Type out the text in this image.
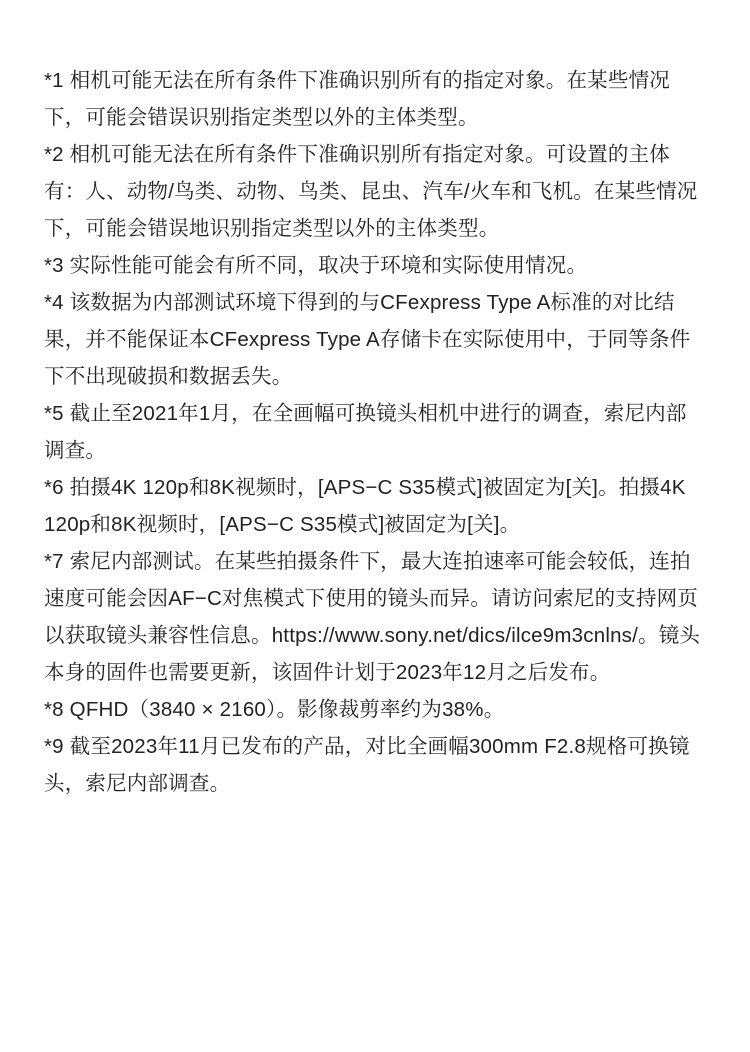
*1 相机可能无法在所有条件下准确识别所有的指定对象。在某些情况下，可能会错误识别指定类型以外的主体类型。

*2 相机可能无法在所有条件下准确识别所有指定对象。可设置的主体有：人、动物/鸟类、动物、鸟类、昆虫、汽车/火车和飞机。在某些情况下，可能会错误地识别指定类型以外的主体类型。

*3 实际性能可能会有所不同，取决于环境和实际使用情况。

*4 该数据为内部测试环境下得到的与CFexpress Type A标准的对比结果，并不能保证本CFexpress Type A存储卡在实际使用中，于同等条件下不出现破损和数据丢失。

*5 截止至2021年1月，在全画幅可换镜头相机中进行的调查，索尼内部调查。

*6 拍摄4K 120p和8K视频时，[APS−C S35模式]被固定为[关]。拍摄4K 120p和8K视频时，[APS−C S35模式]被固定为[关]。

*7 索尼内部测试。在某些拍摄条件下，最大连拍速率可能会较低，连拍速度可能会因AF−C对焦模式下使用的镜头而异。请访问索尼的支持网页以获取镜头兼容性信息。https://www.sony.net/dics/ilce9m3cnlns/。镜头本身的固件也需要更新，该固件计划于2023年12月之后发布。

*8 QFHD（3840 × 2160）。影像裁剪率约为38%。

*9 截至2023年11月已发布的产品，对比全画幅300mm F2.8规格可换镜头，索尼内部调查。
